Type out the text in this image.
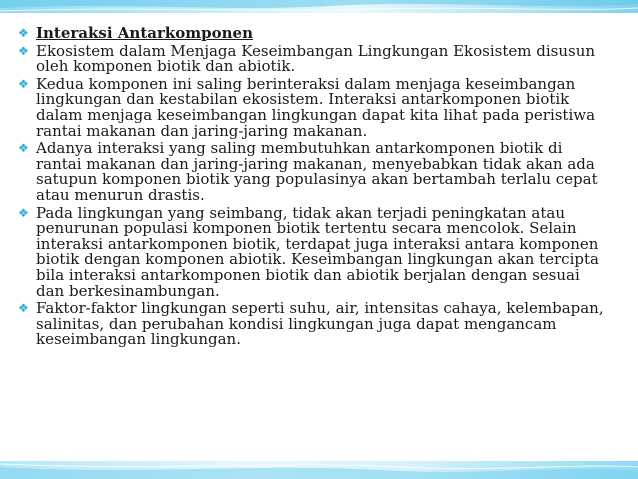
❖ Interaksi Antarkomponen
❖ Ekosistem dalam Menjaga Keseimbangan Lingkungan Ekosistem disusun
oleh komponen biotik dan abiotik.
❖ Kedua komponen ini saling berinteraksi dalam menjaga keseimbangan
lingkungan dan kestabilan ekosistem. Interaksi antarkomponen biotik
dalam menjaga keseimbangan lingkungan dapat kita lihat pada peristiwa
rantai makanan dan jaring-jaring makanan.
❖ Adanya interaksi yang saling membutuhkan antarkomponen biotik di
rantai makanan dan jaring-jaring makanan, menyebabkan tidak akan ada
satupun komponen biotik yang populasinya akan bertambah terlalu cepat
atau menurun drastis.
❖ Pada lingkungan yang seimbang, tidak akan terjadi peningkatan atau
penurunan populasi komponen biotik tertentu secara mencolok. Selain
interaksi antarkomponen biotik, terdapat juga interaksi antara komponen
biotik dengan komponen abiotik. Keseimbangan lingkungan akan tercipta
bila interaksi antarkomponen biotik dan abiotik berjalan dengan sesuai
dan berkesinambungan.
❖ Faktor-faktor lingkungan seperti suhu, air, intensitas cahaya, kelembapan,
salinitas, dan perubahan kondisi lingkungan juga dapat mengancam
keseimbangan lingkungan.
